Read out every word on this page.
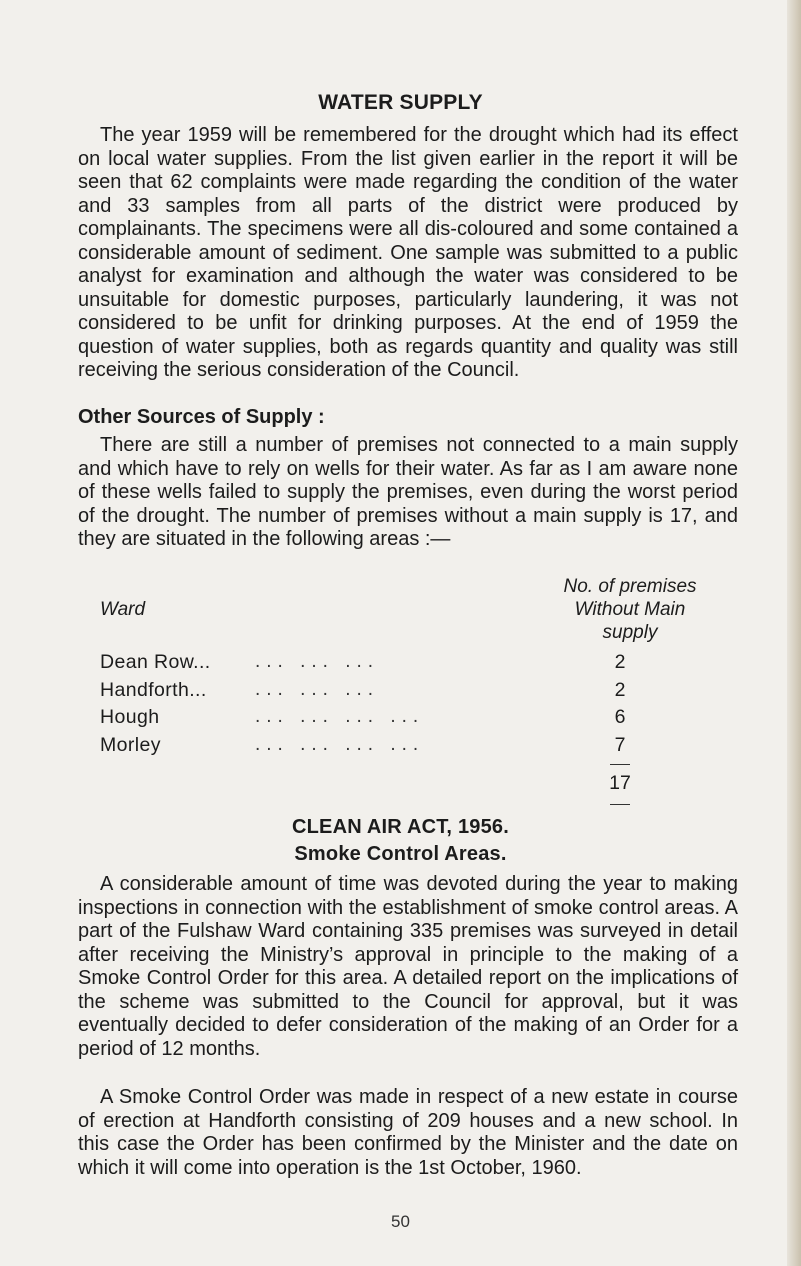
WATER SUPPLY

The year 1959 will be remembered for the drought which had its effect on local water supplies. From the list given earlier in the report it will be seen that 62 complaints were made regarding the condition of the water and 33 samples from all parts of the district were produced by complainants. The specimens were all dis-coloured and some contained a considerable amount of sediment. One sample was submitted to a public analyst for examination and although the water was considered to be unsuitable for domestic purposes, particularly laundering, it was not considered to be unfit for drinking purposes. At the end of 1959 the question of water supplies, both as regards quantity and quality was still receiving the serious consideration of the Council.

Other Sources of Supply :

There are still a number of premises not connected to a main supply and which have to rely on wells for their water. As far as I am aware none of these wells failed to supply the premises, even during the worst period of the drought. The number of premises without a main supply is 17, and they are situated in the following areas :—

Ward
No. of premises
Without Main
supply
Dean Row... ... ... ...	2
Handforth...	... ... ...	2
Hough	... ... ... ...	6
Morley	... ... ... ...	7
17
CLEAN AIR ACT, 1956.
Smoke Control Areas.

A considerable amount of time was devoted during the year to making inspections in connection with the establishment of smoke control areas. A part of the Fulshaw Ward containing 335 premises was surveyed in detail after receiving the Ministry’s approval in principle to the making of a Smoke Control Order for this area. A detailed report on the implications of the scheme was submitted to the Council for approval, but it was eventually decided to defer consideration of the making of an Order for a period of 12 months.

A Smoke Control Order was made in respect of a new estate in course of erection at Handforth consisting of 209 houses and a new school. In this case the Order has been confirmed by the Minister and the date on which it will come into operation is the 1st October, 1960.

50
